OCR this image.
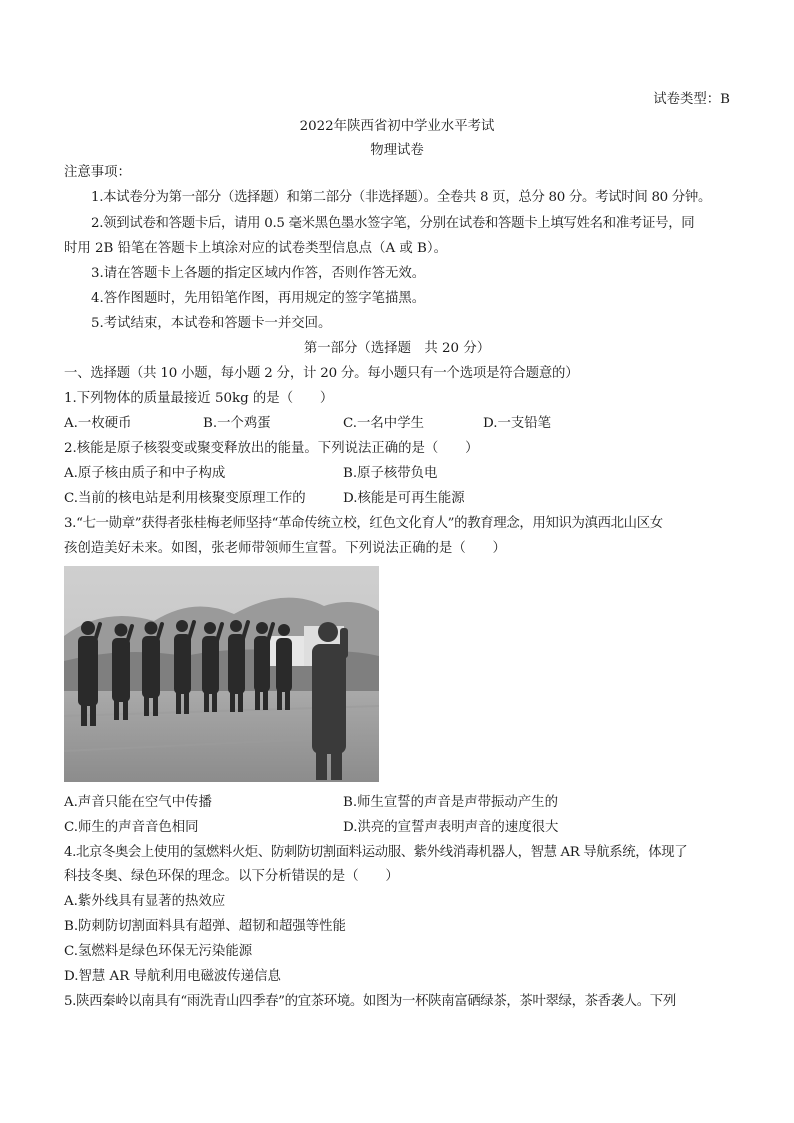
试卷类型：B
2022年陕西省初中学业水平考试
物理试卷
注意事项：
1.本试卷分为第一部分（选择题）和第二部分（非选择题）。全卷共 8 页，总分 80 分。考试时间 80 分钟。
2.领到试卷和答题卡后，请用 0.5 毫米黑色墨水签字笔，分别在试卷和答题卡上填写姓名和准考证号，同
时用 2B 铅笔在答题卡上填涂对应的试卷类型信息点（A 或 B）。
3.请在答题卡上各题的指定区域内作答，否则作答无效。
4.答作图题时，先用铅笔作图，再用规定的签字笔描黑。
5.考试结束，本试卷和答题卡一并交回。
第一部分（选择题　共 20 分）
一、选择题（共 10 小题，每小题 2 分，计 20 分。每小题只有一个选项是符合题意的）
1.下列物体的质量最接近 50kg 的是（　　）
A.一枚硬币	B.一个鸡蛋	C.一名中学生	D.一支铅笔
2.核能是原子核裂变或聚变释放出的能量。下列说法正确的是（　　）
A.原子核由质子和中子构成	B.原子核带负电
C.当前的核电站是利用核聚变原理工作的	D.核能是可再生能源
3.“七一勋章”获得者张桂梅老师坚持“革命传统立校，红色文化育人”的教育理念，用知识为滇西北山区女
孩创造美好未来。如图，张老师带领师生宣誓。下列说法正确的是（　　）
A.声音只能在空气中传播	B.师生宣誓的声音是声带振动产生的
C.师生的声音音色相同	D.洪亮的宣誓声表明声音的速度很大
4.北京冬奥会上使用的氢燃料火炬、防刺防切割面料运动服、紫外线消毒机器人，智慧 AR 导航系统，体现了
科技冬奥、绿色环保的理念。以下分析错误的是（　　）
A.紫外线具有显著的热效应
B.防刺防切割面料具有超弹、超韧和超强等性能
C.氢燃料是绿色环保无污染能源
D.智慧 AR 导航利用电磁波传递信息
5.陕西秦岭以南具有“雨洗青山四季春”的宜茶环境。如图为一杯陕南富硒绿茶，茶叶翠绿，茶香袭人。下列
